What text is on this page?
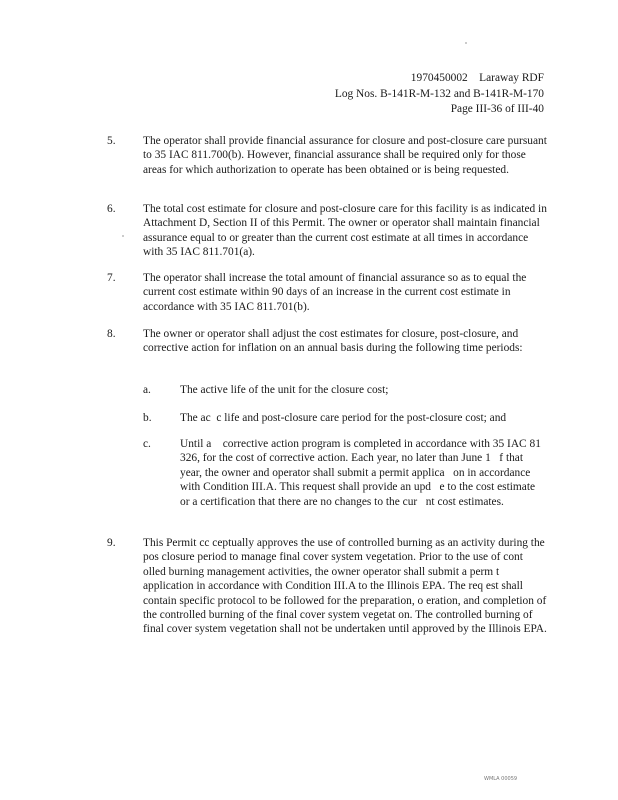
1970450002    Laraway RDF
Log Nos. B-141R-M-132 and B-141R-M-170
Page III-36 of III-40
5.	The operator shall provide financial assurance for closure and post-closure care pursuant to 35 IAC 811.700(b). However, financial assurance shall be required only for those areas for which authorization to operate has been obtained or is being requested.
6.	The total cost estimate for closure and post-closure care for this facility is as indicated in Attachment D, Section II of this Permit. The owner or operator shall maintain financial assurance equal to or greater than the current cost estimate at all times in accordance with 35 IAC 811.701(a).
7.	The operator shall increase the total amount of financial assurance so as to equal the current cost estimate within 90 days of an increase in the current cost estimate in accordance with 35 IAC 811.701(b).
8.	The owner or operator shall adjust the cost estimates for closure, post-closure, and corrective action for inflation on an annual basis during the following time periods:
a.	The active life of the unit for the closure cost;
b.	The ac  c life and post-closure care period for the post-closure cost; and
c.	Until a    corrective action program is completed in accordance with 35 IAC 81  326, for the cost of corrective action. Each year, no later than June 1   f that year, the owner and operator shall submit a permit applica   on in accordance with Condition III.A. This request shall provide an upd   e to the cost estimate or a certification that there are no changes to the cur   nt cost estimates.
9.	This Permit cc ceptually approves the use of controlled burning as an activity during the pos closure period to manage final cover system vegetation. Prior to the use of cont olled burning management activities, the owner operator shall submit a perm t application in accordance with Condition III.A to the Illinois EPA. The req est shall contain specific protocol to be followed for the preparation, o eration, and completion of the controlled burning of the final cover system vegetat on. The controlled burning of final cover system vegetation shall not be undertaken until approved by the Illinois EPA.
WMLA 00059
